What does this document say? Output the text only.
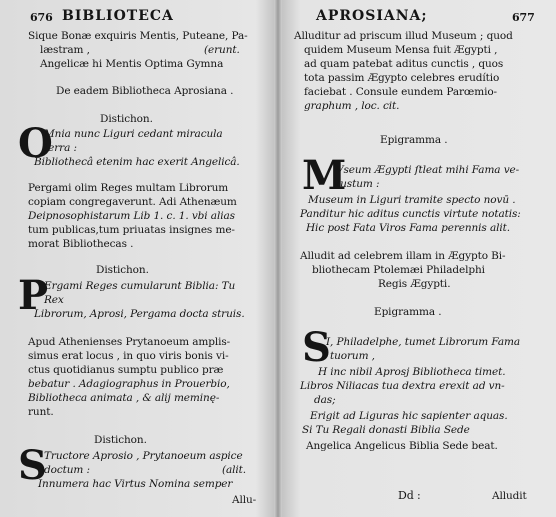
676 BIBLIOTECA
Sique Bonæ exquiris Mentis, Puteane, Pa-
læstram ,	(erunt.
Angelicæ hi Mentis Optima Gymna
De eadem Bibliotheca Aprosiana .
Distichon.
O
Mnia nunc Liguri cedant miracula
terra :
Bibliothecâ etenim hac exerit Angelicâ.
Pergami olim Reges multam Librorum
copiam congregaverunt. Adi Athenæum
Deipnosophistarum Lib 1. c. 1. vbi alias
tum publicas,tum priuatas insignes me-
morat Bibliothecas .
Distichon.
P
Ergami Reges cumularunt Biblia: Tu
Rex
Librorum, Aprosi, Pergama docta struis.
Apud Athenienses Prytanoeum amplis-
simus erat locus , in quo viris bonis vi-
ctus quotidianus sumptu publico præ
bebatur . Adagiographus in Prouerbio,
Bibliotheca animata , & alij meminę-
runt.
Distichon.
S
Tructore Aprosio , Prytanoeum aspice
doctum :	(alit.
Innumera hac Virtus Nomina semper
Allu-
APROSIANA;	677
Alluditur ad priscum illud Museum ; quod
quidem Museum Mensa fuit Ægypti ,
ad quam patebat aditus cunctis , quos
tota passim Ægypto celebres erudítio
faciebat . Consule eundem Parœmio-
graphum , loc. cit.
Epigramma .
M
Vseum Ægypti ſtleat mihi Fama ve-
tustum :
Museum in Liguri tramite specto novū .
Panditur hic aditus cunctis virtute notatis:
Hic post Fata Viros Fama perennis alit.
Alludit ad celebrem illam in Ægypto Bi-
bliothecam Ptolemæi Philadelphi
Regis Ægypti.
Epigramma .
S
I, Philadelphe, tumet Librorum Fama
tuorum ,
H inc nibil Aprosj Bibliotheca timet.
Libros Niliacas tua dextra erexit ad vn-
das;
Erigit ad Liguras hic sapienter aquas.
Si Tu Regali donasti Biblia Sede
Angelica Angelicus Biblia Sede beat.
Dd :	Alludit
